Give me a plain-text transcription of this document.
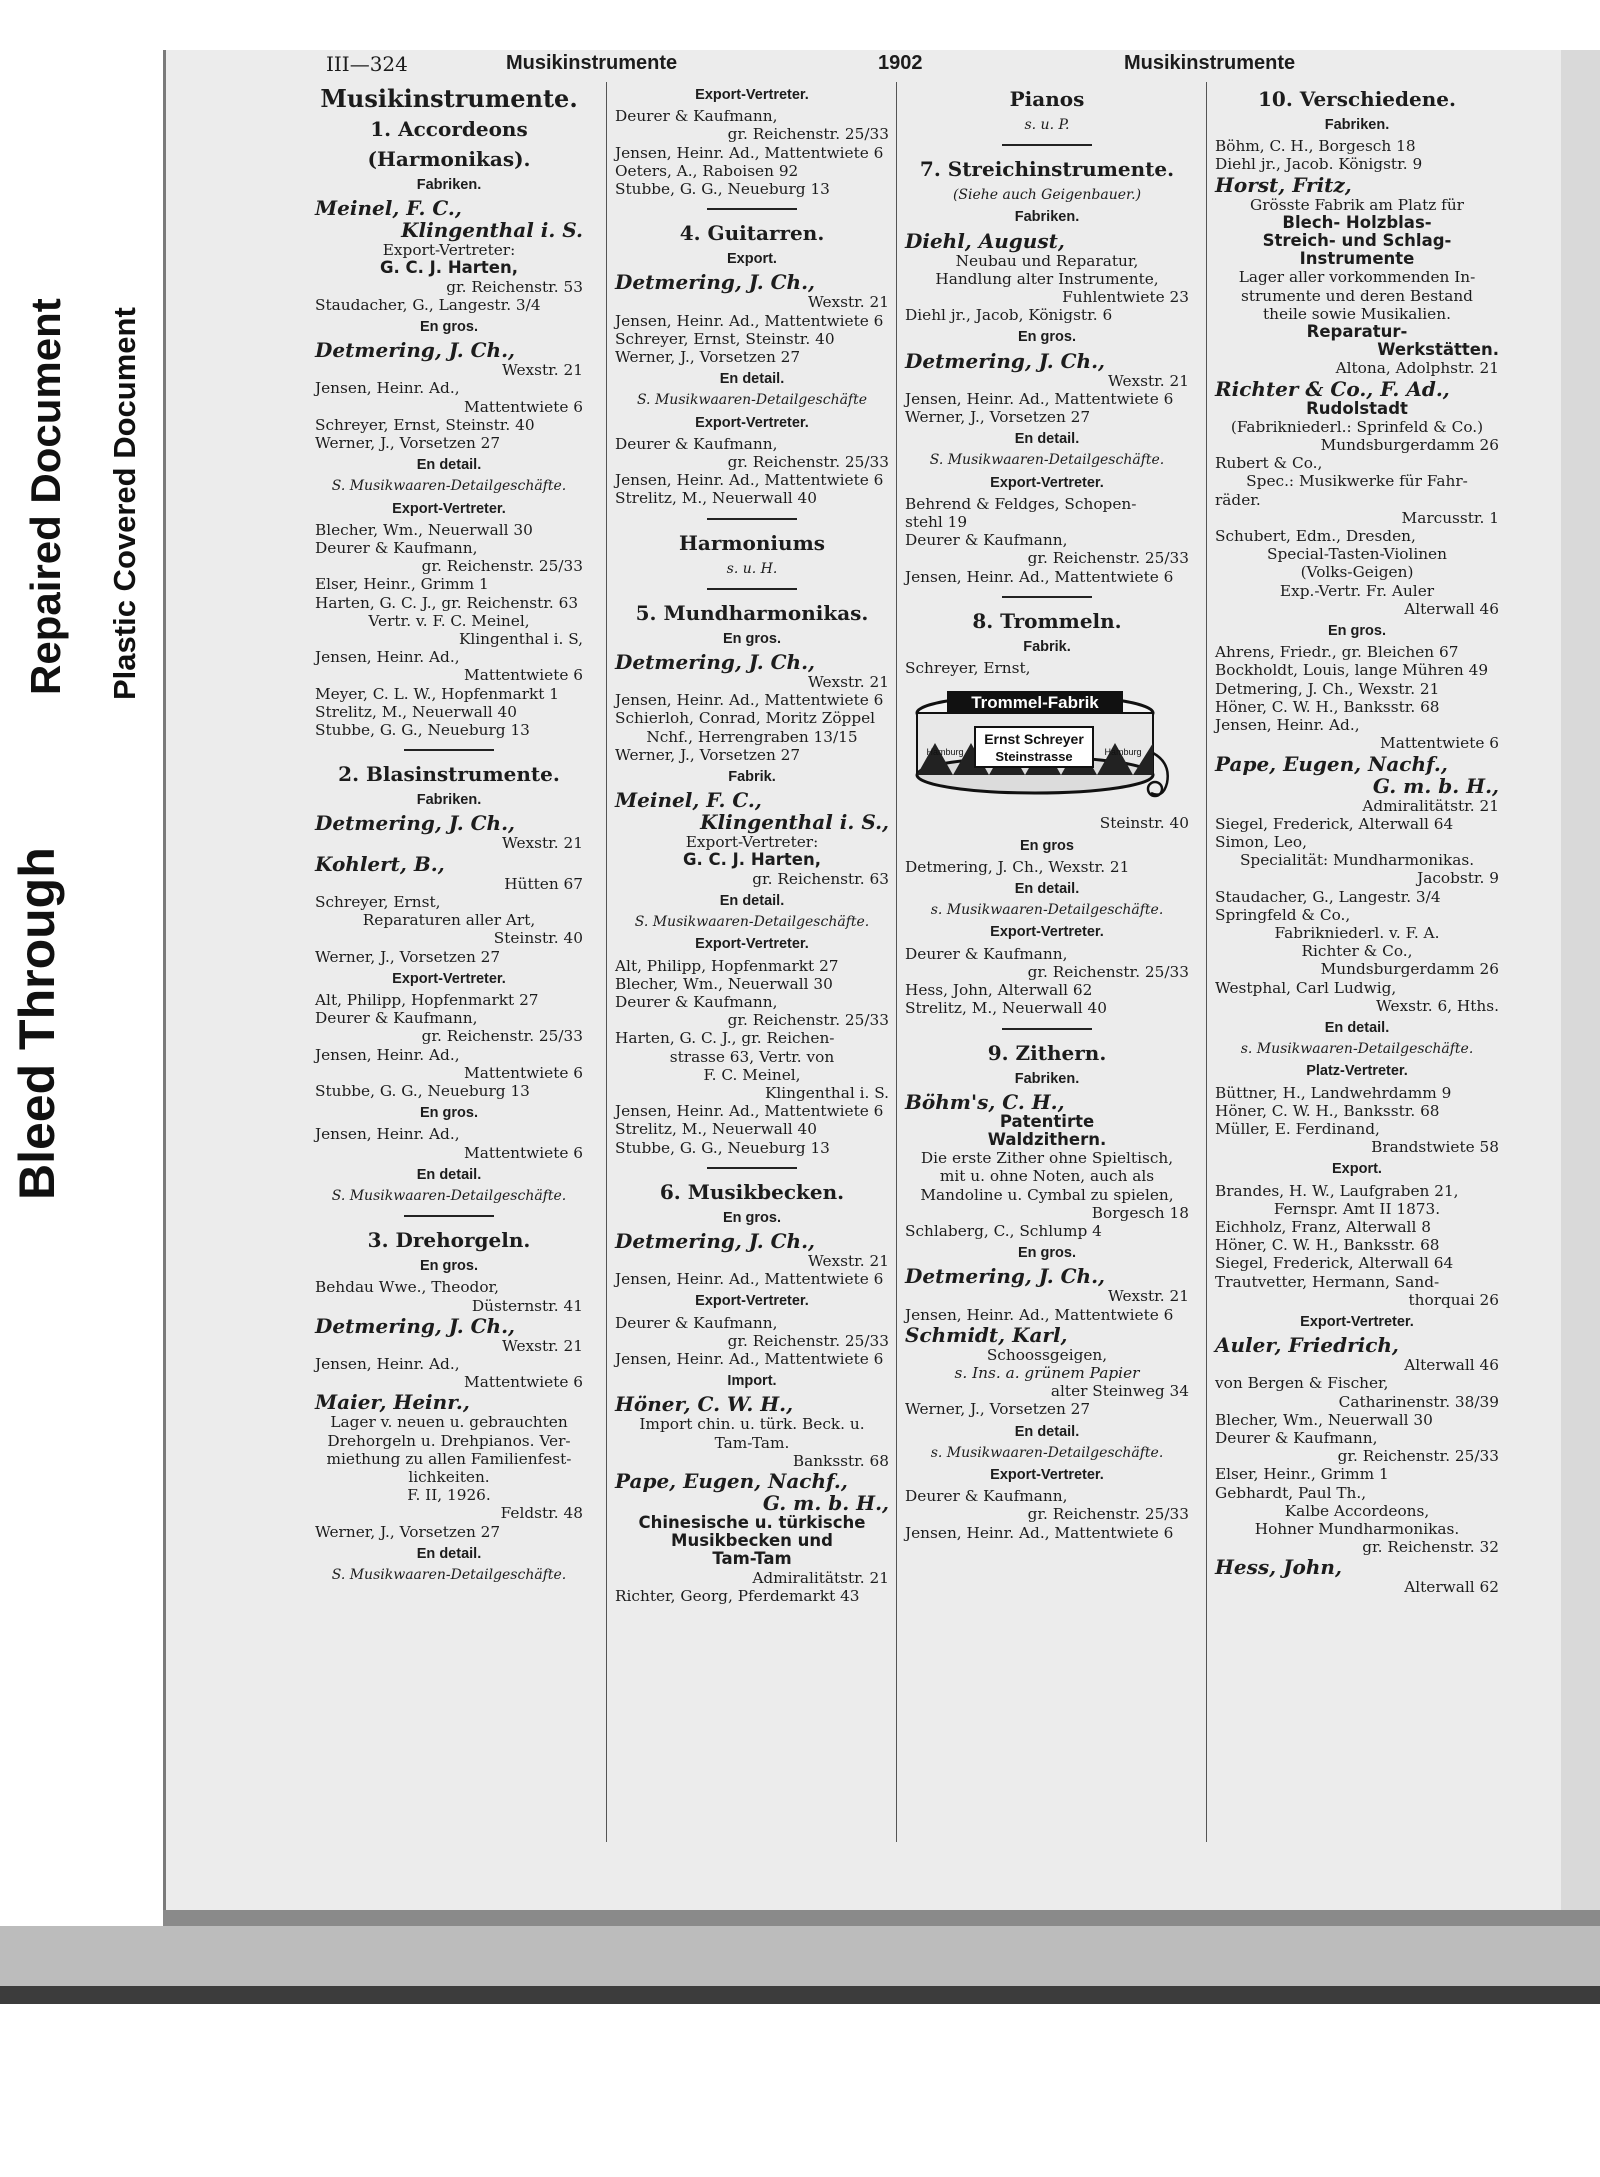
Bleed Through
Repaired Document Plastic Covered Document
III—324	Musikinstrumente	1902	Musikinstrumente
Musikinstrumente.
1. Accordeons
(Harmonikas).
Fabriken.
Meinel, F. C.,
Klingenthal i. S.
Export-Vertreter:
G. C. J. Harten,
gr. Reichenstr. 53
Staudacher, G., Langestr. 3/4
En gros.
Detmering, J. Ch.,
Wexstr. 21
Jensen, Heinr. Ad.,
Mattentwiete 6
Schreyer, Ernst, Steinstr. 40
Werner, J., Vorsetzen 27
En detail.
S. Musikwaaren-Detailgeschäfte.
Export-Vertreter.
Blecher, Wm., Neuerwall 30
Deurer & Kaufmann,
gr. Reichenstr. 25/33
Elser, Heinr., Grimm 1
Harten, G. C. J., gr. Reichenstr. 63
Vertr. v. F. C. Meinel,
Klingenthal i. S,
Jensen, Heinr. Ad.,
Mattentwiete 6
Meyer, C. L. W., Hopfenmarkt 1
Strelitz, M., Neuerwall 40
Stubbe, G. G., Neueburg 13
2. Blasinstrumente.
Fabriken.
Detmering, J. Ch.,
Wexstr. 21
Kohlert, B.,
Hütten 67
Schreyer, Ernst,
Reparaturen aller Art,
Steinstr. 40
Werner, J., Vorsetzen 27
Export-Vertreter.
Alt, Philipp, Hopfenmarkt 27
Deurer & Kaufmann,
gr. Reichenstr. 25/33
Jensen, Heinr. Ad.,
Mattentwiete 6
Stubbe, G. G., Neueburg 13
En gros.
Jensen, Heinr. Ad.,
Mattentwiete 6
En detail.
S. Musikwaaren-Detailgeschäfte.
3. Drehorgeln.
En gros.
Behdau Wwe., Theodor,
Düsternstr. 41
Detmering, J. Ch.,
Wexstr. 21
Jensen, Heinr. Ad.,
Mattentwiete 6
Maier, Heinr.,
Lager v. neuen u. gebrauchten
Drehorgeln u. Drehpianos. Ver-
miethung zu allen Familienfest-
lichkeiten.
F. II, 1926.
Feldstr. 48
Werner, J., Vorsetzen 27
En detail.
S. Musikwaaren-Detailgeschäfte.
Export-Vertreter.
Deurer & Kaufmann,
gr. Reichenstr. 25/33
Jensen, Heinr. Ad., Mattentwiete 6
Oeters, A., Raboisen 92
Stubbe, G. G., Neueburg 13
4. Guitarren.
Export.
Detmering, J. Ch.,
Wexstr. 21
Jensen, Heinr. Ad., Mattentwiete 6
Schreyer, Ernst, Steinstr. 40
Werner, J., Vorsetzen 27
En detail.
S. Musikwaaren-Detailgeschäfte
Export-Vertreter.
Deurer & Kaufmann,
gr. Reichenstr. 25/33
Jensen, Heinr. Ad., Mattentwiete 6
Strelitz, M., Neuerwall 40
Harmoniums
s. u. H.
5. Mundharmonikas.
En gros.
Detmering, J. Ch.,
Wexstr. 21
Jensen, Heinr. Ad., Mattentwiete 6
Schierloh, Conrad, Moritz Zöppel
Nchf., Herrengraben 13/15
Werner, J., Vorsetzen 27
Fabrik.
Meinel, F. C.,
Klingenthal i. S.,
Export-Vertreter:
G. C. J. Harten,
gr. Reichenstr. 63
En detail.
S. Musikwaaren-Detailgeschäfte.
Export-Vertreter.
Alt, Philipp, Hopfenmarkt 27
Blecher, Wm., Neuerwall 30
Deurer & Kaufmann,
gr. Reichenstr. 25/33
Harten, G. C. J., gr. Reichen-
strasse 63, Vertr. von
F. C. Meinel,
Klingenthal i. S.
Jensen, Heinr. Ad., Mattentwiete 6
Strelitz, M., Neuerwall 40
Stubbe, G. G., Neueburg 13
6. Musikbecken.
En gros.
Detmering, J. Ch.,
Wexstr. 21
Jensen, Heinr. Ad., Mattentwiete 6
Export-Vertreter.
Deurer & Kaufmann,
gr. Reichenstr. 25/33
Jensen, Heinr. Ad., Mattentwiete 6
Import.
Höner, C. W. H.,
Import chin. u. türk. Beck. u.
Tam-Tam.
Banksstr. 68
Pape, Eugen, Nachf.,
G. m. b. H.,
Chinesische u. türkische
Musikbecken und
Tam-Tam
Admiralitätstr. 21
Richter, Georg, Pferdemarkt 43
Pianos
s. u. P.
7. Streichinstrumente.
(Siehe auch Geigenbauer.)
Fabriken.
Diehl, August,
Neubau und Reparatur,
Handlung alter Instrumente,
Fuhlentwiete 23
Diehl jr., Jacob, Königstr. 6
En gros.
Detmering, J. Ch.,
Wexstr. 21
Jensen, Heinr. Ad., Mattentwiete 6
Werner, J., Vorsetzen 27
En detail.
S. Musikwaaren-Detailgeschäfte.
Export-Vertreter.
Behrend & Feldges, Schopen-
stehl 19
Deurer & Kaufmann,
gr. Reichenstr. 25/33
Jensen, Heinr. Ad., Mattentwiete 6
8. Trommeln.
Fabrik.
Schreyer, Ernst,
Trommel-Fabrik
Ernst Schreyer
Steinstrasse
Hamburg	Hamburg
Steinstr. 40
En gros
Detmering, J. Ch., Wexstr. 21
En detail.
s. Musikwaaren-Detailgeschäfte.
Export-Vertreter.
Deurer & Kaufmann,
gr. Reichenstr. 25/33
Hess, John, Alterwall 62
Strelitz, M., Neuerwall 40
9. Zithern.
Fabriken.
Böhm's, C. H.,
Patentirte
Waldzithern.
Die erste Zither ohne Spieltisch,
mit u. ohne Noten, auch als
Mandoline u. Cymbal zu spielen,
Borgesch 18
Schlaberg, C., Schlump 4
En gros.
Detmering, J. Ch.,
Wexstr. 21
Jensen, Heinr. Ad., Mattentwiete 6
Schmidt, Karl,
Schoossgeigen,
s. Ins. a. grünem Papier
alter Steinweg 34
Werner, J., Vorsetzen 27
En detail.
s. Musikwaaren-Detailgeschäfte.
Export-Vertreter.
Deurer & Kaufmann,
gr. Reichenstr. 25/33
Jensen, Heinr. Ad., Mattentwiete 6
10. Verschiedene.
Fabriken.
Böhm, C. H., Borgesch 18
Diehl jr., Jacob. Königstr. 9
Horst, Fritz,
Grösste Fabrik am Platz für
Blech- Holzblas-
Streich- und Schlag-
Instrumente
Lager aller vorkommenden In-
strumente und deren Bestand
theile sowie Musikalien.
Reparatur-
Werkstätten.
Altona, Adolphstr. 21
Richter & Co., F. Ad.,
Rudolstadt
(Fabrikniederl.: Sprinfeld & Co.)
Mundsburgerdamm 26
Rubert & Co.,
Spec.: Musikwerke für Fahr-
räder.
Marcusstr. 1
Schubert, Edm., Dresden,
Special-Tasten-Violinen
(Volks-Geigen)
Exp.-Vertr. Fr. Auler
Alterwall 46
En gros.
Ahrens, Friedr., gr. Bleichen 67
Bockholdt, Louis, lange Mühren 49
Detmering, J. Ch., Wexstr. 21
Höner, C. W. H., Banksstr. 68
Jensen, Heinr. Ad.,
Mattentwiete 6
Pape, Eugen, Nachf.,
G. m. b. H.,
Admiralitätstr. 21
Siegel, Frederick, Alterwall 64
Simon, Leo,
Specialität: Mundharmonikas.
Jacobstr. 9
Staudacher, G., Langestr. 3/4
Springfeld & Co.,
Fabrikniederl. v. F. A.
Richter & Co.,
Mundsburgerdamm 26
Westphal, Carl Ludwig,
Wexstr. 6, Hths.
En detail.
s. Musikwaaren-Detailgeschäfte.
Platz-Vertreter.
Büttner, H., Landwehrdamm 9
Höner, C. W. H., Banksstr. 68
Müller, E. Ferdinand,
Brandstwiete 58
Export.
Brandes, H. W., Laufgraben 21,
Fernspr. Amt II 1873.
Eichholz, Franz, Alterwall 8
Höner, C. W. H., Banksstr. 68
Siegel, Frederick, Alterwall 64
Trautvetter, Hermann, Sand-
thorquai 26
Export-Vertreter.
Auler, Friedrich,
Alterwall 46
von Bergen & Fischer,
Catharinenstr. 38/39
Blecher, Wm., Neuerwall 30
Deurer & Kaufmann,
gr. Reichenstr. 25/33
Elser, Heinr., Grimm 1
Gebhardt, Paul Th.,
Kalbe Accordeons,
Hohner Mundharmonikas.
gr. Reichenstr. 32
Hess, John,
Alterwall 62
